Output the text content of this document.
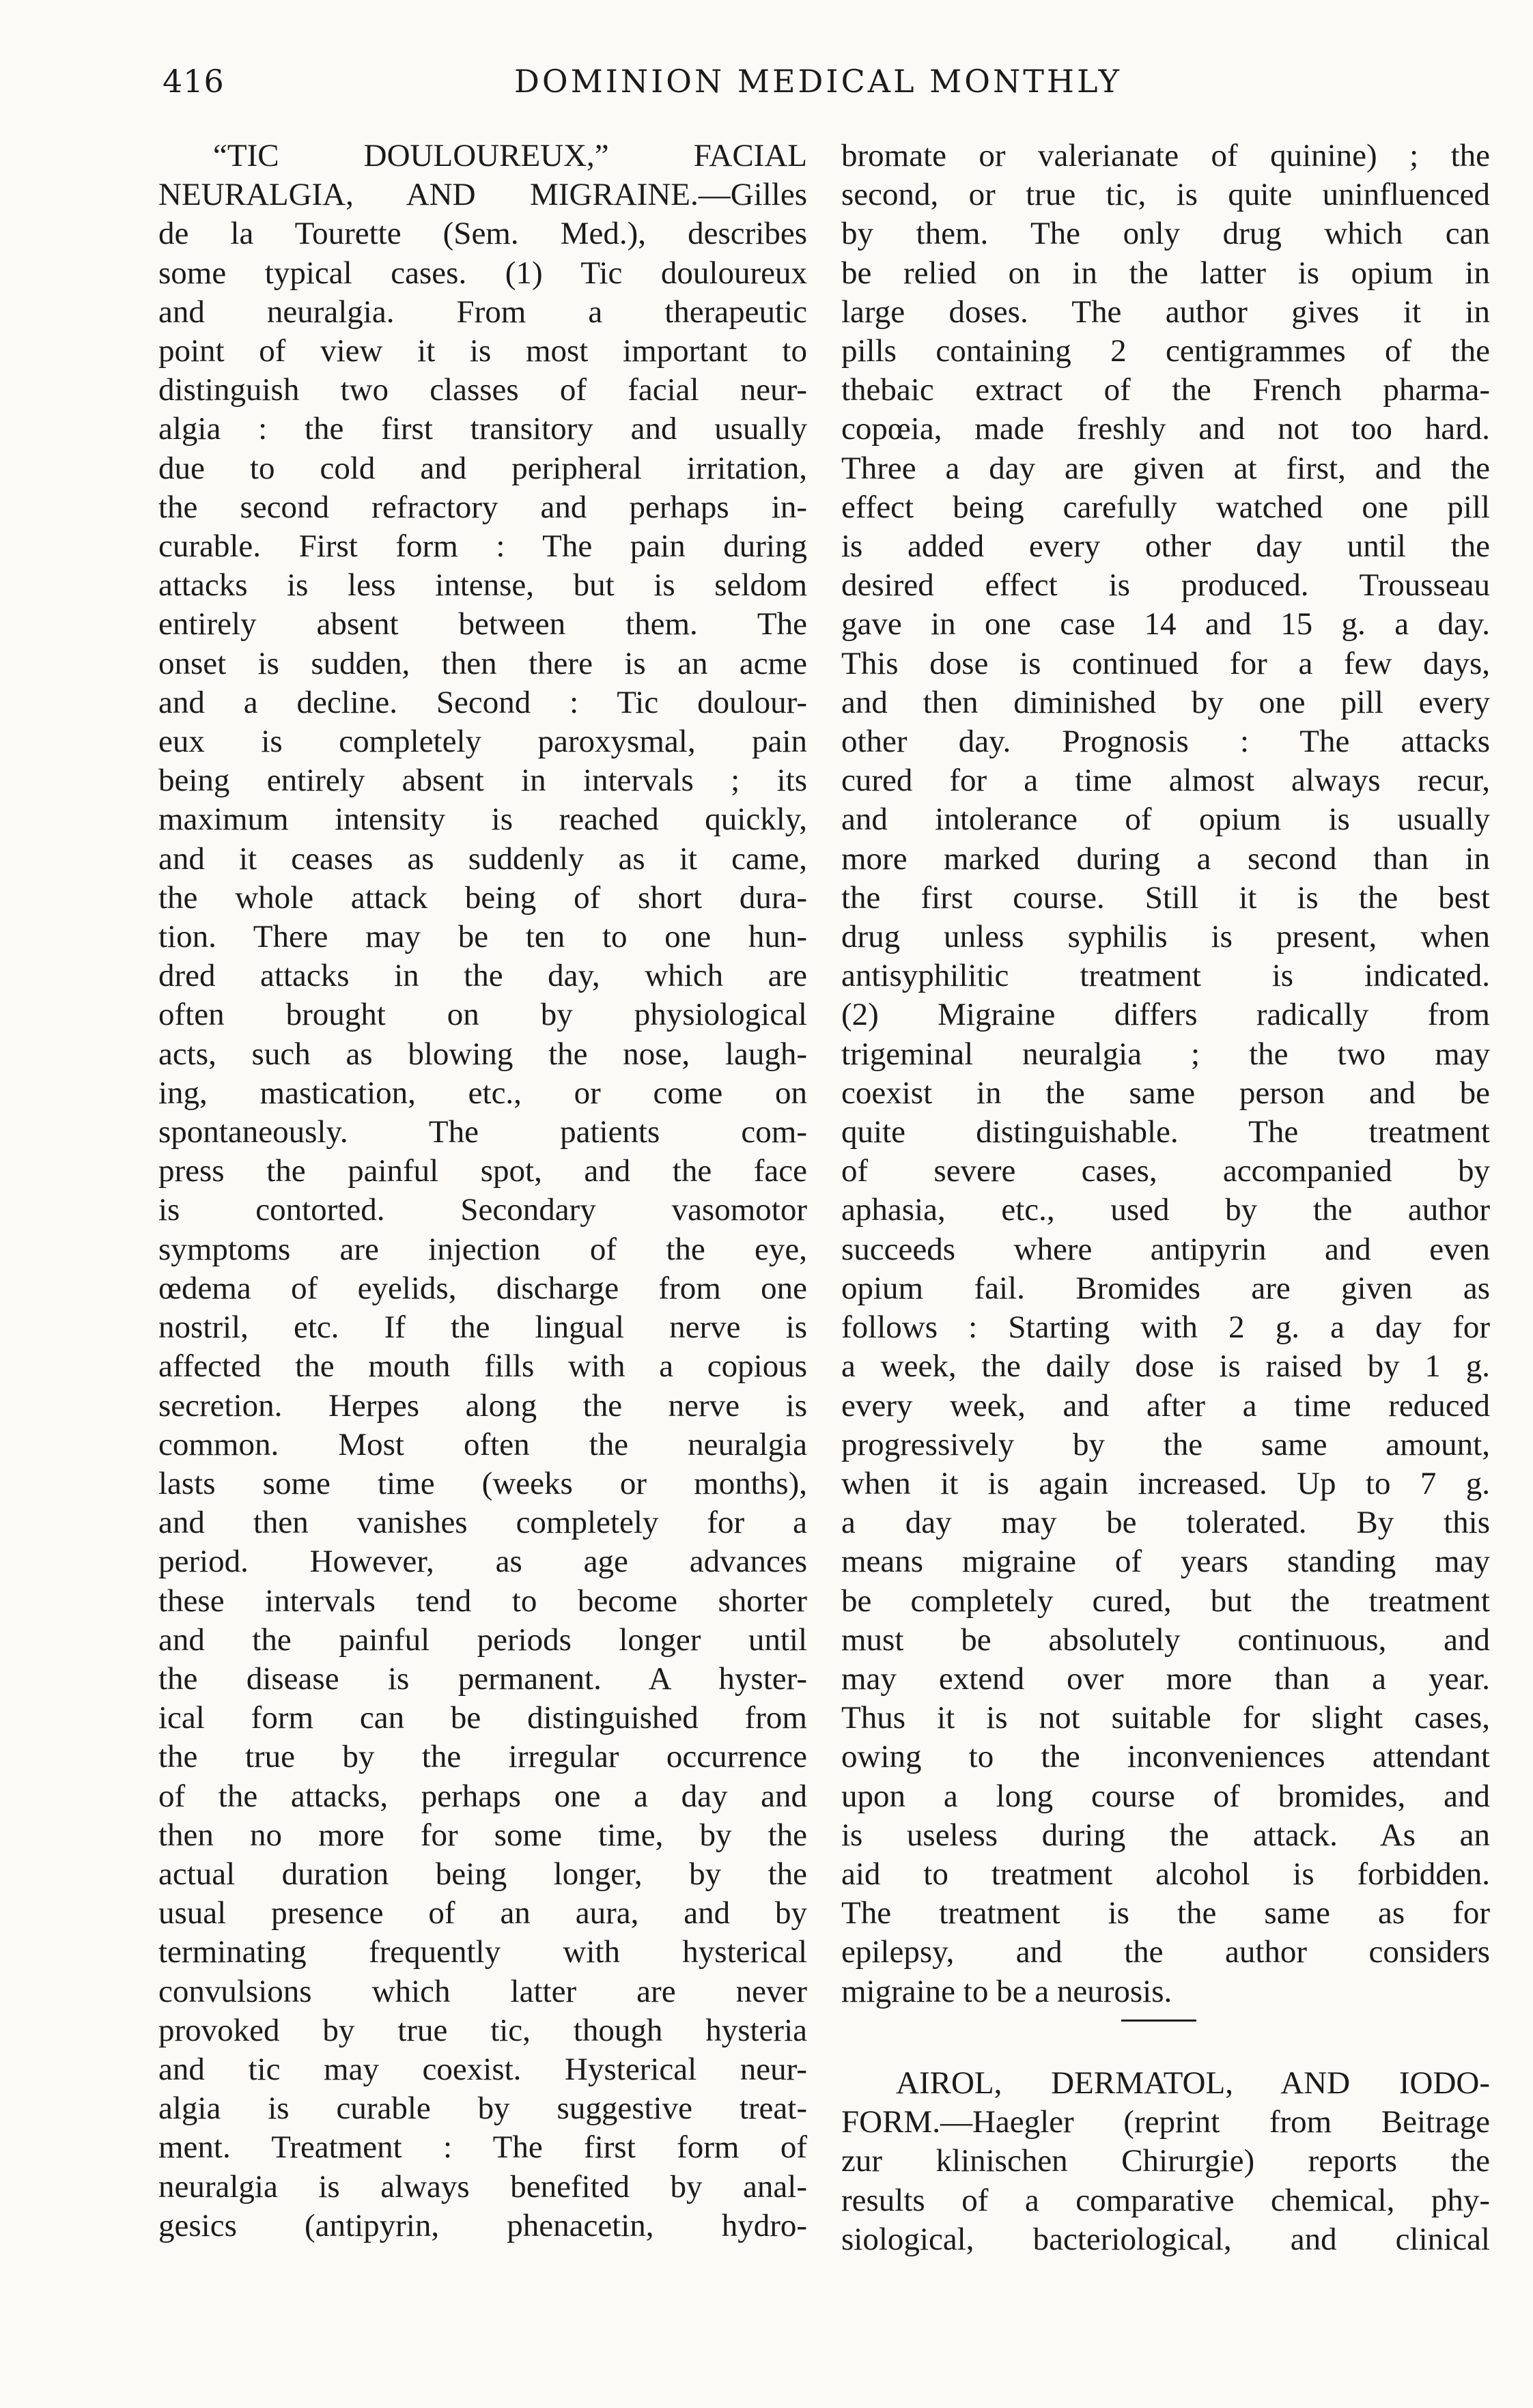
416	DOMINION MEDICAL MONTHLY
“TIC DOULOUREUX,” FACIAL
NEURALGIA, AND MIGRAINE.—Gilles
de la Tourette (Sem. Med.), describes
some typical cases. (1) Tic douloureux
and neuralgia. From a therapeutic
point of view it is most important to
distinguish two classes of facial neur-
algia : the first transitory and usually
due to cold and peripheral irritation,
the second refractory and perhaps in-
curable. First form : The pain during
attacks is less intense, but is seldom
entirely absent between them. The
onset is sudden, then there is an acme
and a decline. Second : Tic doulour-
eux is completely paroxysmal, pain
being entirely absent in intervals ; its
maximum intensity is reached quickly,
and it ceases as suddenly as it came,
the whole attack being of short dura-
tion. There may be ten to one hun-
dred attacks in the day, which are
often brought on by physiological
acts, such as blowing the nose, laugh-
ing, mastication, etc., or come on
spontaneously. The patients com-
press the painful spot, and the face
is contorted. Secondary vasomotor
symptoms are injection of the eye,
œdema of eyelids, discharge from one
nostril, etc. If the lingual nerve is
affected the mouth fills with a copious
secretion. Herpes along the nerve is
common. Most often the neuralgia
lasts some time (weeks or months),
and then vanishes completely for a
period. However, as age advances
these intervals tend to become shorter
and the painful periods longer until
the disease is permanent. A hyster-
ical form can be distinguished from
the true by the irregular occurrence
of the attacks, perhaps one a day and
then no more for some time, by the
actual duration being longer, by the
usual presence of an aura, and by
terminating frequently with hysterical
convulsions which latter are never
provoked by true tic, though hysteria
and tic may coexist. Hysterical neur-
algia is curable by suggestive treat-
ment. Treatment : The first form of
neuralgia is always benefited by anal-
gesics (antipyrin, phenacetin, hydro-
bromate or valerianate of quinine) ; the
second, or true tic, is quite uninfluenced
by them. The only drug which can
be relied on in the latter is opium in
large doses. The author gives it in
pills containing 2 centigrammes of the
thebaic extract of the French pharma-
copœia, made freshly and not too hard.
Three a day are given at first, and the
effect being carefully watched one pill
is added every other day until the
desired effect is produced. Trousseau
gave in one case 14 and 15 g. a day.
This dose is continued for a few days,
and then diminished by one pill every
other day. Prognosis : The attacks
cured for a time almost always recur,
and intolerance of opium is usually
more marked during a second than in
the first course. Still it is the best
drug unless syphilis is present, when
antisyphilitic treatment is indicated.
(2) Migraine differs radically from
trigeminal neuralgia ; the two may
coexist in the same person and be
quite distinguishable. The treatment
of severe cases, accompanied by
aphasia, etc., used by the author
succeeds where antipyrin and even
opium fail. Bromides are given as
follows : Starting with 2 g. a day for
a week, the daily dose is raised by 1 g.
every week, and after a time reduced
progressively by the same amount,
when it is again increased. Up to 7 g.
a day may be tolerated. By this
means migraine of years standing may
be completely cured, but the treatment
must be absolutely continuous, and
may extend over more than a year.
Thus it is not suitable for slight cases,
owing to the inconveniences attendant
upon a long course of bromides, and
is useless during the attack. As an
aid to treatment alcohol is forbidden.
The treatment is the same as for
epilepsy, and the author considers
migraine to be a neurosis.
AIROL, DERMATOL, AND IODO-
FORM.—Haegler (reprint from Beitrage
zur klinischen Chirurgie) reports the
results of a comparative chemical, phy-
siological, bacteriological, and clinical
